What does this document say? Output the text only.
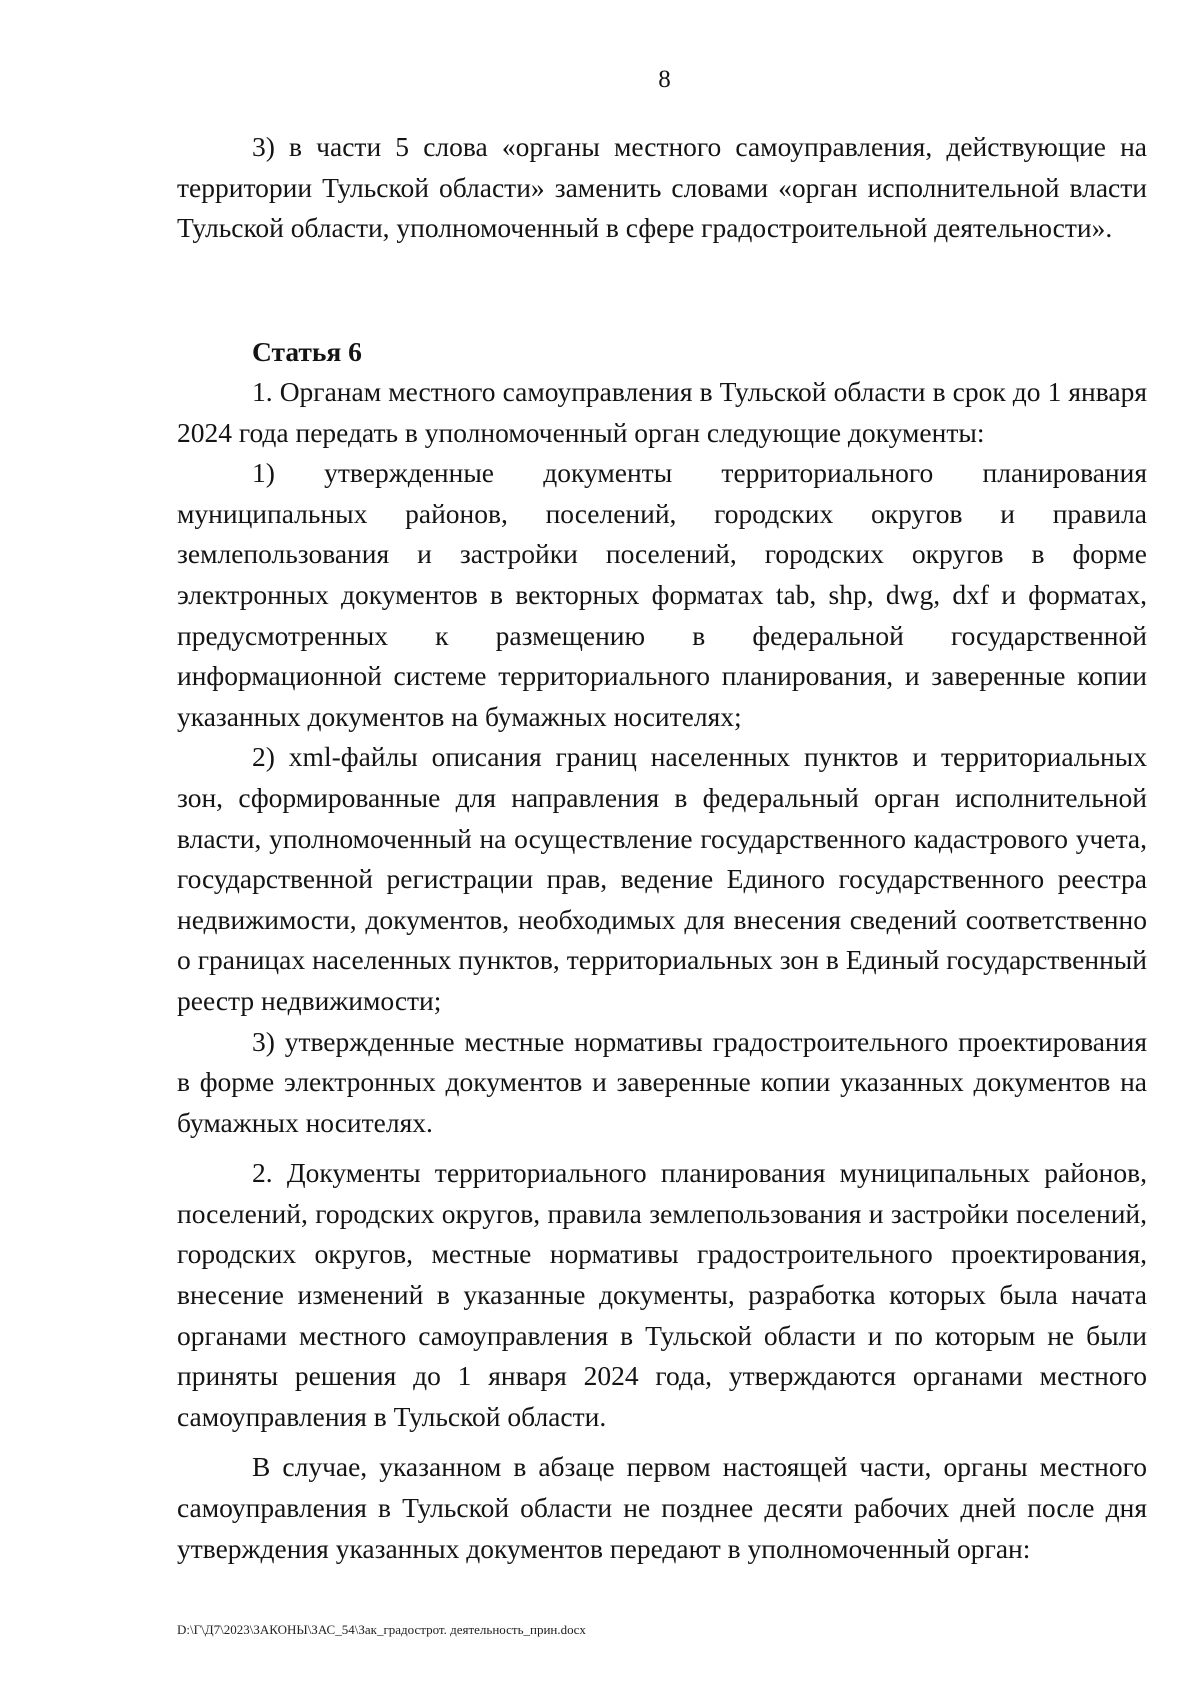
8

3) в части 5 слова «органы местного самоуправления, действующие на территории Тульской области» заменить словами «орган исполнительной власти Тульской области, уполномоченный в сфере градостроительной деятельности».

Статья 6

1. Органам местного самоуправления в Тульской области в срок до 1 января 2024 года передать в уполномоченный орган следующие документы:

1) утвержденные документы территориального планирования муниципальных районов, поселений, городских округов и правила землепользования и застройки поселений, городских округов в форме электронных документов в векторных форматах tab, shp, dwg, dxf и форматах, предусмотренных к размещению в федеральной государственной информационной системе территориального планирования, и заверенные копии указанных документов на бумажных носителях;

2) xml-файлы описания границ населенных пунктов и территориальных зон, сформированные для направления в федеральный орган исполнительной власти, уполномоченный на осуществление государственного кадастрового учета, государственной регистрации прав, ведение Единого государственного реестра недвижимости, документов, необходимых для внесения сведений соответственно о границах населенных пунктов, территориальных зон в Единый государственный реестр недвижимости;

3) утвержденные местные нормативы градостроительного проектирования в форме электронных документов и заверенные копии указанных документов на бумажных носителях.

2. Документы территориального планирования муниципальных районов, поселений, городских округов, правила землепользования и застройки поселений, городских округов, местные нормативы градостроительного проектирования, внесение изменений в указанные документы, разработка которых была начата органами местного самоуправления в Тульской области и по которым не были приняты решения до 1 января 2024 года, утверждаются органами местного самоуправления в Тульской области.

В случае, указанном в абзаце первом настоящей части, органы местного самоуправления в Тульской области не позднее десяти рабочих дней после дня утверждения указанных документов передают в уполномоченный орган:

D:\Г\Д7\2023\ЗАКОНЫ\ЗАС_54\Зак_градострот. деятельность_прин.docx
